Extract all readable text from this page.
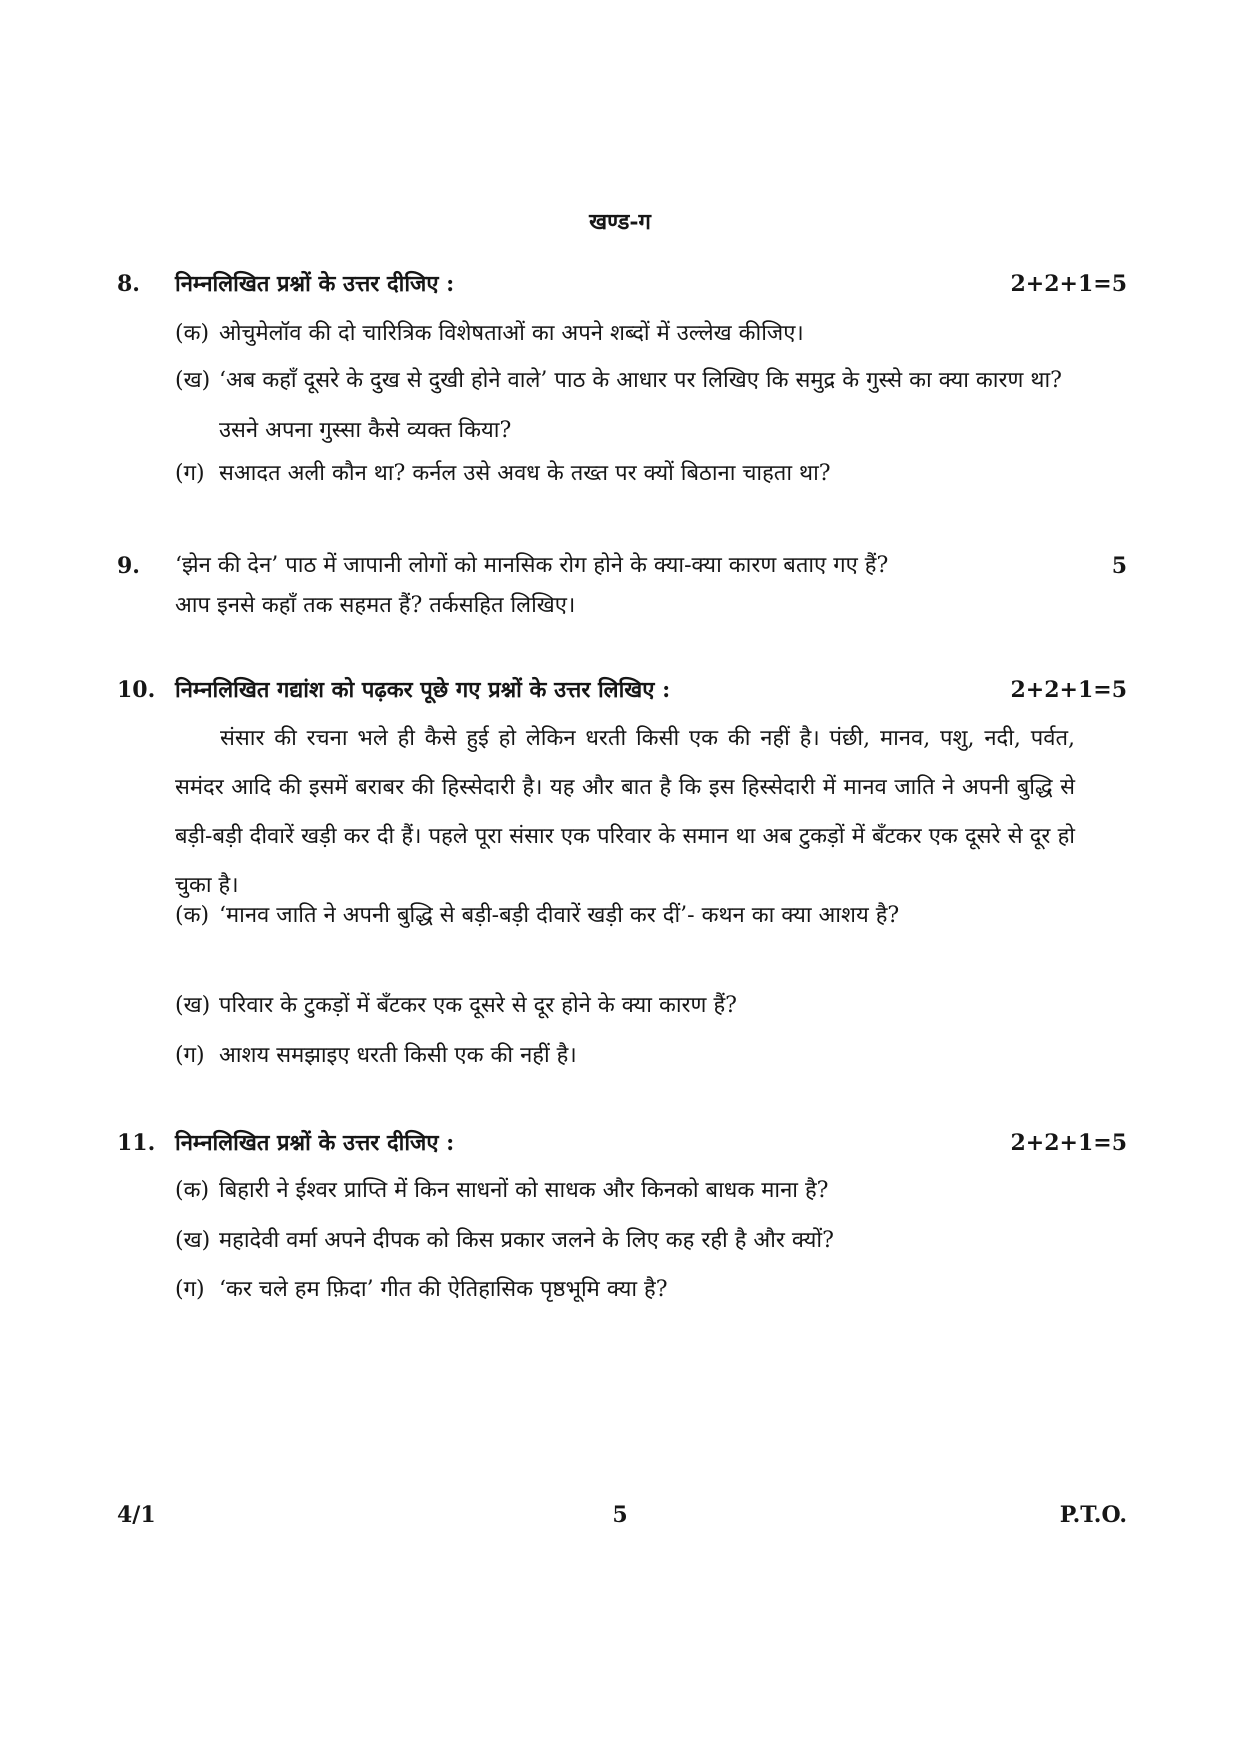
खण्ड-ग
8. निम्नलिखित प्रश्नों के उत्तर दीजिए :	2+2+1=5
(क) ओचुमेलॉव की दो चारित्रिक विशेषताओं का अपने शब्दों में उल्लेख कीजिए।
(ख) ‘अब कहाँ दूसरे के दुख से दुखी होने वाले’ पाठ के आधार पर लिखिए कि समुद्र के गुस्से का क्या कारण था? उसने अपना गुस्सा कैसे व्यक्त किया?
(ग) सआदत अली कौन था? कर्नल उसे अवध के तख्त पर क्यों बिठाना चाहता था?
9. ‘झेन की देन’ पाठ में जापानी लोगों को मानसिक रोग होने के क्या-क्या कारण बताए गए हैं?	5
आप इनसे कहाँ तक सहमत हैं? तर्कसहित लिखिए।
10. निम्नलिखित गद्यांश को पढ़कर पूछे गए प्रश्नों के उत्तर लिखिए :	2+2+1=5
संसार की रचना भले ही कैसे हुई हो लेकिन धरती किसी एक की नहीं है। पंछी, मानव, पशु, नदी, पर्वत, समंदर आदि की इसमें बराबर की हिस्सेदारी है। यह और बात है कि इस हिस्सेदारी में मानव जाति ने अपनी बुद्धि से बड़ी-बड़ी दीवारें खड़ी कर दी हैं। पहले पूरा संसार एक परिवार के समान था अब टुकड़ों में बँटकर एक दूसरे से दूर हो चुका है।
(क) ‘मानव जाति ने अपनी बुद्धि से बड़ी-बड़ी दीवारें खड़ी कर दीं’- कथन का क्या आशय है?
(ख) परिवार के टुकड़ों में बँटकर एक दूसरे से दूर होने के क्या कारण हैं?
(ग) आशय समझाइए धरती किसी एक की नहीं है।
11. निम्नलिखित प्रश्नों के उत्तर दीजिए :	2+2+1=5
(क) बिहारी ने ईश्वर प्राप्ति में किन साधनों को साधक और किनको बाधक माना है?
(ख) महादेवी वर्मा अपने दीपक को किस प्रकार जलने के लिए कह रही है और क्यों?
(ग) ‘कर चले हम फ़िदा’ गीत की ऐतिहासिक पृष्ठभूमि क्या है?
4/1	5	P.T.O.
